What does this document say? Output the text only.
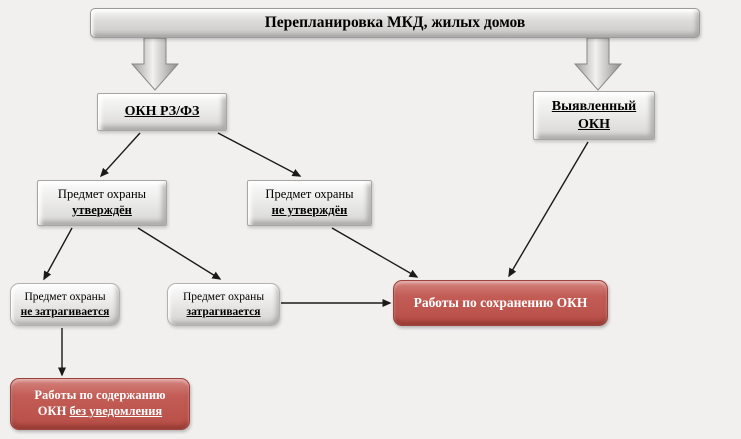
Перепланировка МКД, жилых домов
ОКН РЗ/ФЗ	Выявленный
ОКН
Предмет охраны
утверждён
Предмет охраны
не утверждён
Предмет охраны
не затрагивается
Предмет охраны
затрагивается
Работы по сохранению ОКН
Работы по содержанию
ОКН без уведомления
